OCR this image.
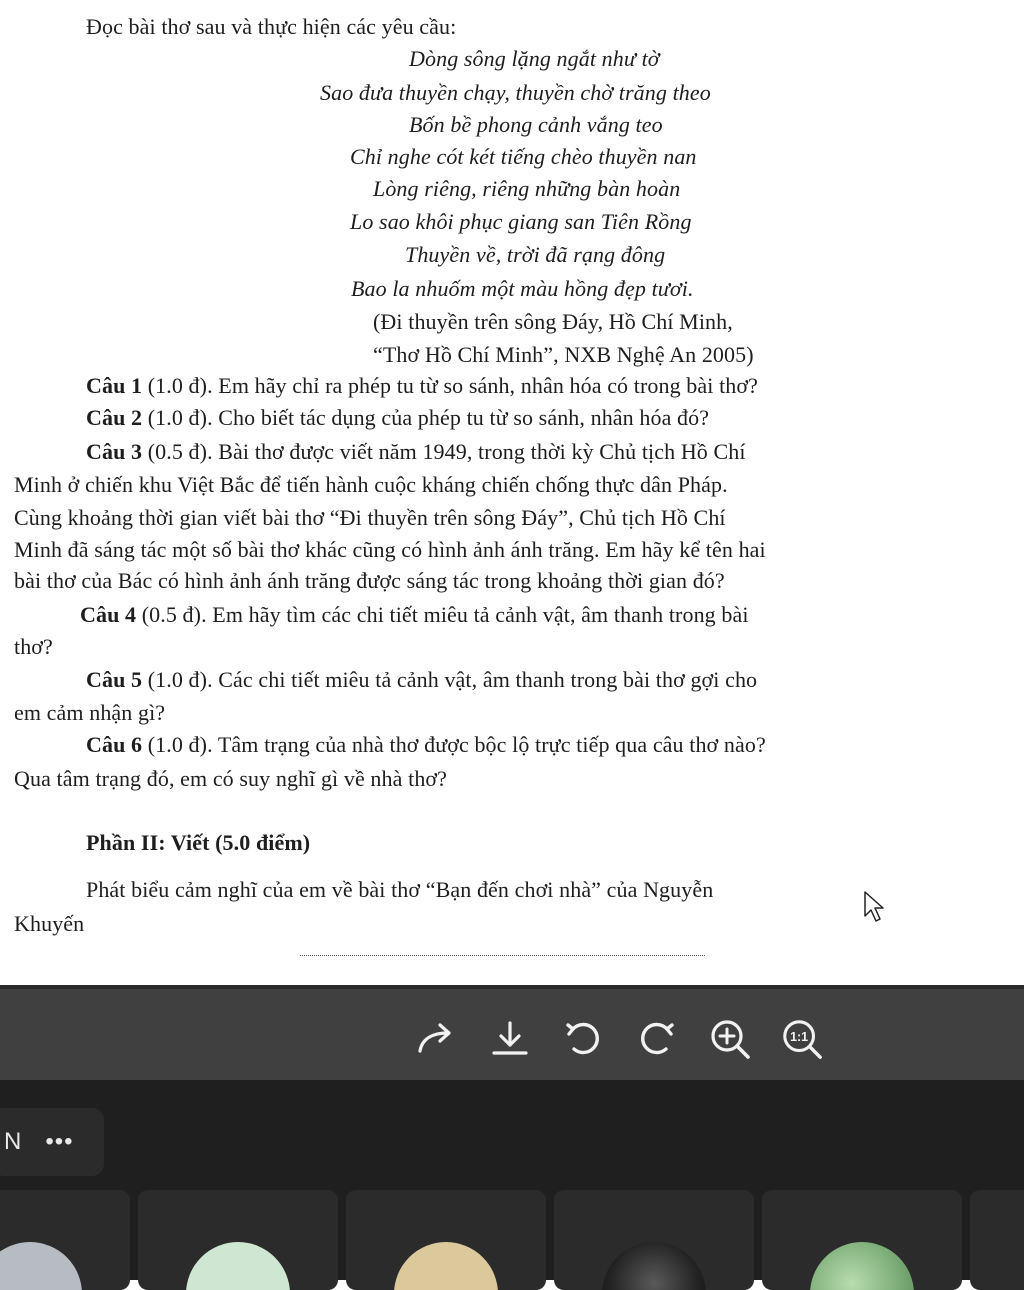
Đọc bài thơ sau và thực hiện các yêu cầu:
Dòng sông lặng ngắt như tờ
Sao đưa thuyền chạy, thuyền chờ trăng theo
Bốn bề phong cảnh vắng teo
Chỉ nghe cót két tiếng chèo thuyền nan
Lòng riêng, riêng những bàn hoàn
Lo sao khôi phục giang san Tiên Rồng
Thuyền về, trời đã rạng đông
Bao la nhuốm một màu hồng đẹp tươi.
(Đi thuyền trên sông Đáy, Hồ Chí Minh,
“Thơ Hồ Chí Minh”, NXB Nghệ An 2005)
Câu 1 (1.0 đ). Em hãy chỉ ra phép tu từ so sánh, nhân hóa có trong bài thơ?
Câu 2 (1.0 đ). Cho biết tác dụng của phép tu từ so sánh, nhân hóa đó?
Câu 3 (0.5 đ). Bài thơ được viết năm 1949, trong thời kỳ Chủ tịch Hồ Chí
Minh ở chiến khu Việt Bắc để tiến hành cuộc kháng chiến chống thực dân Pháp.
Cùng khoảng thời gian viết bài thơ “Đi thuyền trên sông Đáy”, Chủ tịch Hồ Chí
Minh đã sáng tác một số bài thơ khác cũng có hình ảnh ánh trăng. Em hãy kể tên hai
bài thơ của Bác có hình ảnh ánh trăng được sáng tác trong khoảng thời gian đó?
Câu 4 (0.5 đ). Em hãy tìm các chi tiết miêu tả cảnh vật, âm thanh trong bài
thơ?
Câu 5 (1.0 đ). Các chi tiết miêu tả cảnh vật, âm thanh trong bài thơ gợi cho
em cảm nhận gì?
Câu 6 (1.0 đ). Tâm trạng của nhà thơ được bộc lộ trực tiếp qua câu thơ nào?
Qua tâm trạng đó, em có suy nghĩ gì về nhà thơ?
Phần II: Viết (5.0 điểm)
Phát biểu cảm nghĩ của em về bài thơ “Bạn đến chơi nhà” của Nguyễn
Khuyến
1:1
N •••
